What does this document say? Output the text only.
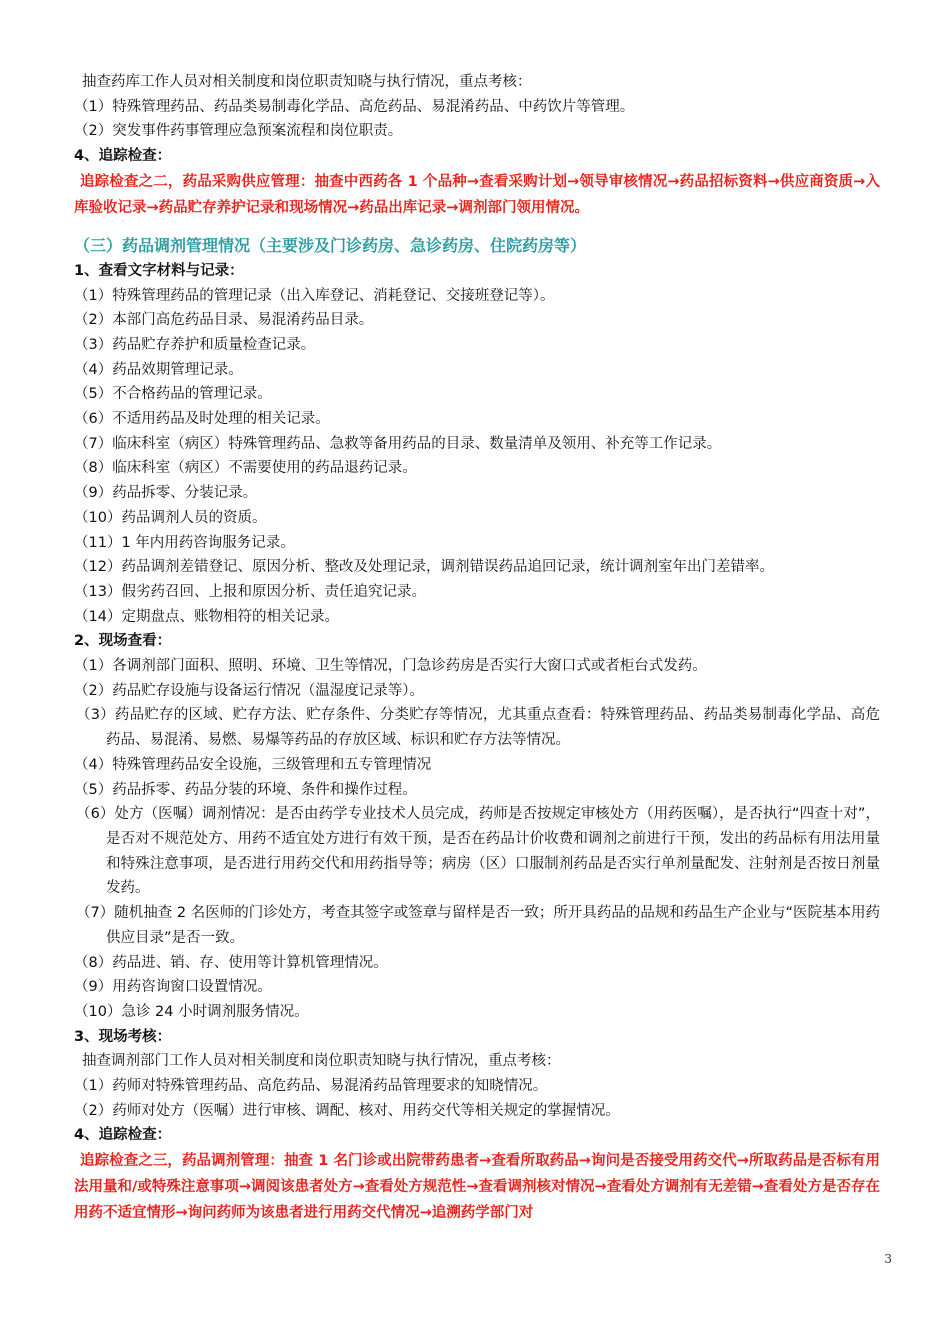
抽查药库工作人员对相关制度和岗位职责知晓与执行情况，重点考核：
（1）特殊管理药品、药品类易制毒化学品、高危药品、易混淆药品、中药饮片等管理。
（2）突发事件药事管理应急预案流程和岗位职责。
4、追踪检查：
追踪检查之二，药品采购供应管理：抽查中西药各 1 个品种→查看采购计划→领导审核情况→药品招标资料→供应商资质→入库验收记录→药品贮存养护记录和现场情况→药品出库记录→调剂部门领用情况。
（三）药品调剂管理情况（主要涉及门诊药房、急诊药房、住院药房等）
1、查看文字材料与记录：
（1）特殊管理药品的管理记录（出入库登记、消耗登记、交接班登记等）。
（2）本部门高危药品目录、易混淆药品目录。
（3）药品贮存养护和质量检查记录。
（4）药品效期管理记录。
（5）不合格药品的管理记录。
（6）不适用药品及时处理的相关记录。
（7）临床科室（病区）特殊管理药品、急救等备用药品的目录、数量清单及领用、补充等工作记录。
（8）临床科室（病区）不需要使用的药品退药记录。
（9）药品拆零、分装记录。
（10）药品调剂人员的资质。
（11）1 年内用药咨询服务记录。
（12）药品调剂差错登记、原因分析、整改及处理记录，调剂错误药品追回记录，统计调剂室年出门差错率。
（13）假劣药召回、上报和原因分析、责任追究记录。
（14）定期盘点、账物相符的相关记录。
2、现场查看：
（1）各调剂部门面积、照明、环境、卫生等情况，门急诊药房是否实行大窗口式或者柜台式发药。
（2）药品贮存设施与设备运行情况（温湿度记录等）。
（3）药品贮存的区域、贮存方法、贮存条件、分类贮存等情况，尤其重点查看：特殊管理药品、药品类易制毒化学品、高危药品、易混淆、易燃、易爆等药品的存放区域、标识和贮存方法等情况。
（4）特殊管理药品安全设施，三级管理和五专管理情况
（5）药品拆零、药品分装的环境、条件和操作过程。
（6）处方（医嘱）调剂情况：是否由药学专业技术人员完成，药师是否按规定审核处方（用药医嘱），是否执行“四查十对”，是否对不规范处方、用药不适宜处方进行有效干预，是否在药品计价收费和调剂之前进行干预，发出的药品标有用法用量和特殊注意事项，是否进行用药交代和用药指导等；病房（区）口服制剂药品是否实行单剂量配发、注射剂是否按日剂量发药。
（7）随机抽查 2 名医师的门诊处方，考查其签字或签章与留样是否一致；所开具药品的品规和药品生产企业与“医院基本用药供应目录”是否一致。
（8）药品进、销、存、使用等计算机管理情况。
（9）用药咨询窗口设置情况。
（10）急诊 24 小时调剂服务情况。
3、现场考核：
抽查调剂部门工作人员对相关制度和岗位职责知晓与执行情况，重点考核：
（1）药师对特殊管理药品、高危药品、易混淆药品管理要求的知晓情况。
（2）药师对处方（医嘱）进行审核、调配、核对、用药交代等相关规定的掌握情况。
4、追踪检查：
追踪检查之三，药品调剂管理：抽查 1 名门诊或出院带药患者→查看所取药品→询问是否接受用药交代→所取药品是否标有用法用量和/或特殊注意事项→调阅该患者处方→查看处方规范性→查看调剂核对情况→查看处方调剂有无差错→查看处方是否存在用药不适宜情形→询问药师为该患者进行用药交代情况→追溯药学部门对
3
